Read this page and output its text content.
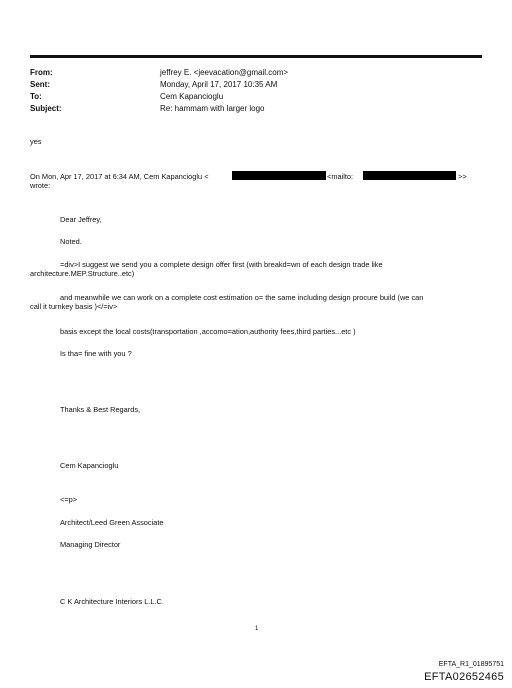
From:	jeffrey E. <jeevacation@gmail.com>
Sent:	Monday, April 17, 2017 10:35 AM
To:	Cem Kapancioglu
Subject:	Re: hammam with larger logo
yes
On Mon, Apr 17, 2017 at 6:34 AM, Cem Kapancioglu <	<mailto:	>>
wrote:
Dear Jeffrey,
Noted.
=div>I suggest we send you a complete design offer first (with breakd=wn of each design trade like
architecture.MEP.Structure..etc)
and meanwhile we can work on a complete cost estimation o= the same including design procure build (we can
call it turnkey basis )</=iv>
basis except the local costs(transportation ,accomo=ation,authority fees,third parties...etc )
Is tha= fine with you ?
Thanks & Best Regards,
Cem Kapancioglu
<=p>
Architect/Leed Green Associate
Managing Director
C K Architecture Interiors L.L.C.
1
EFTA_R1_01895751
EFTA02652465
